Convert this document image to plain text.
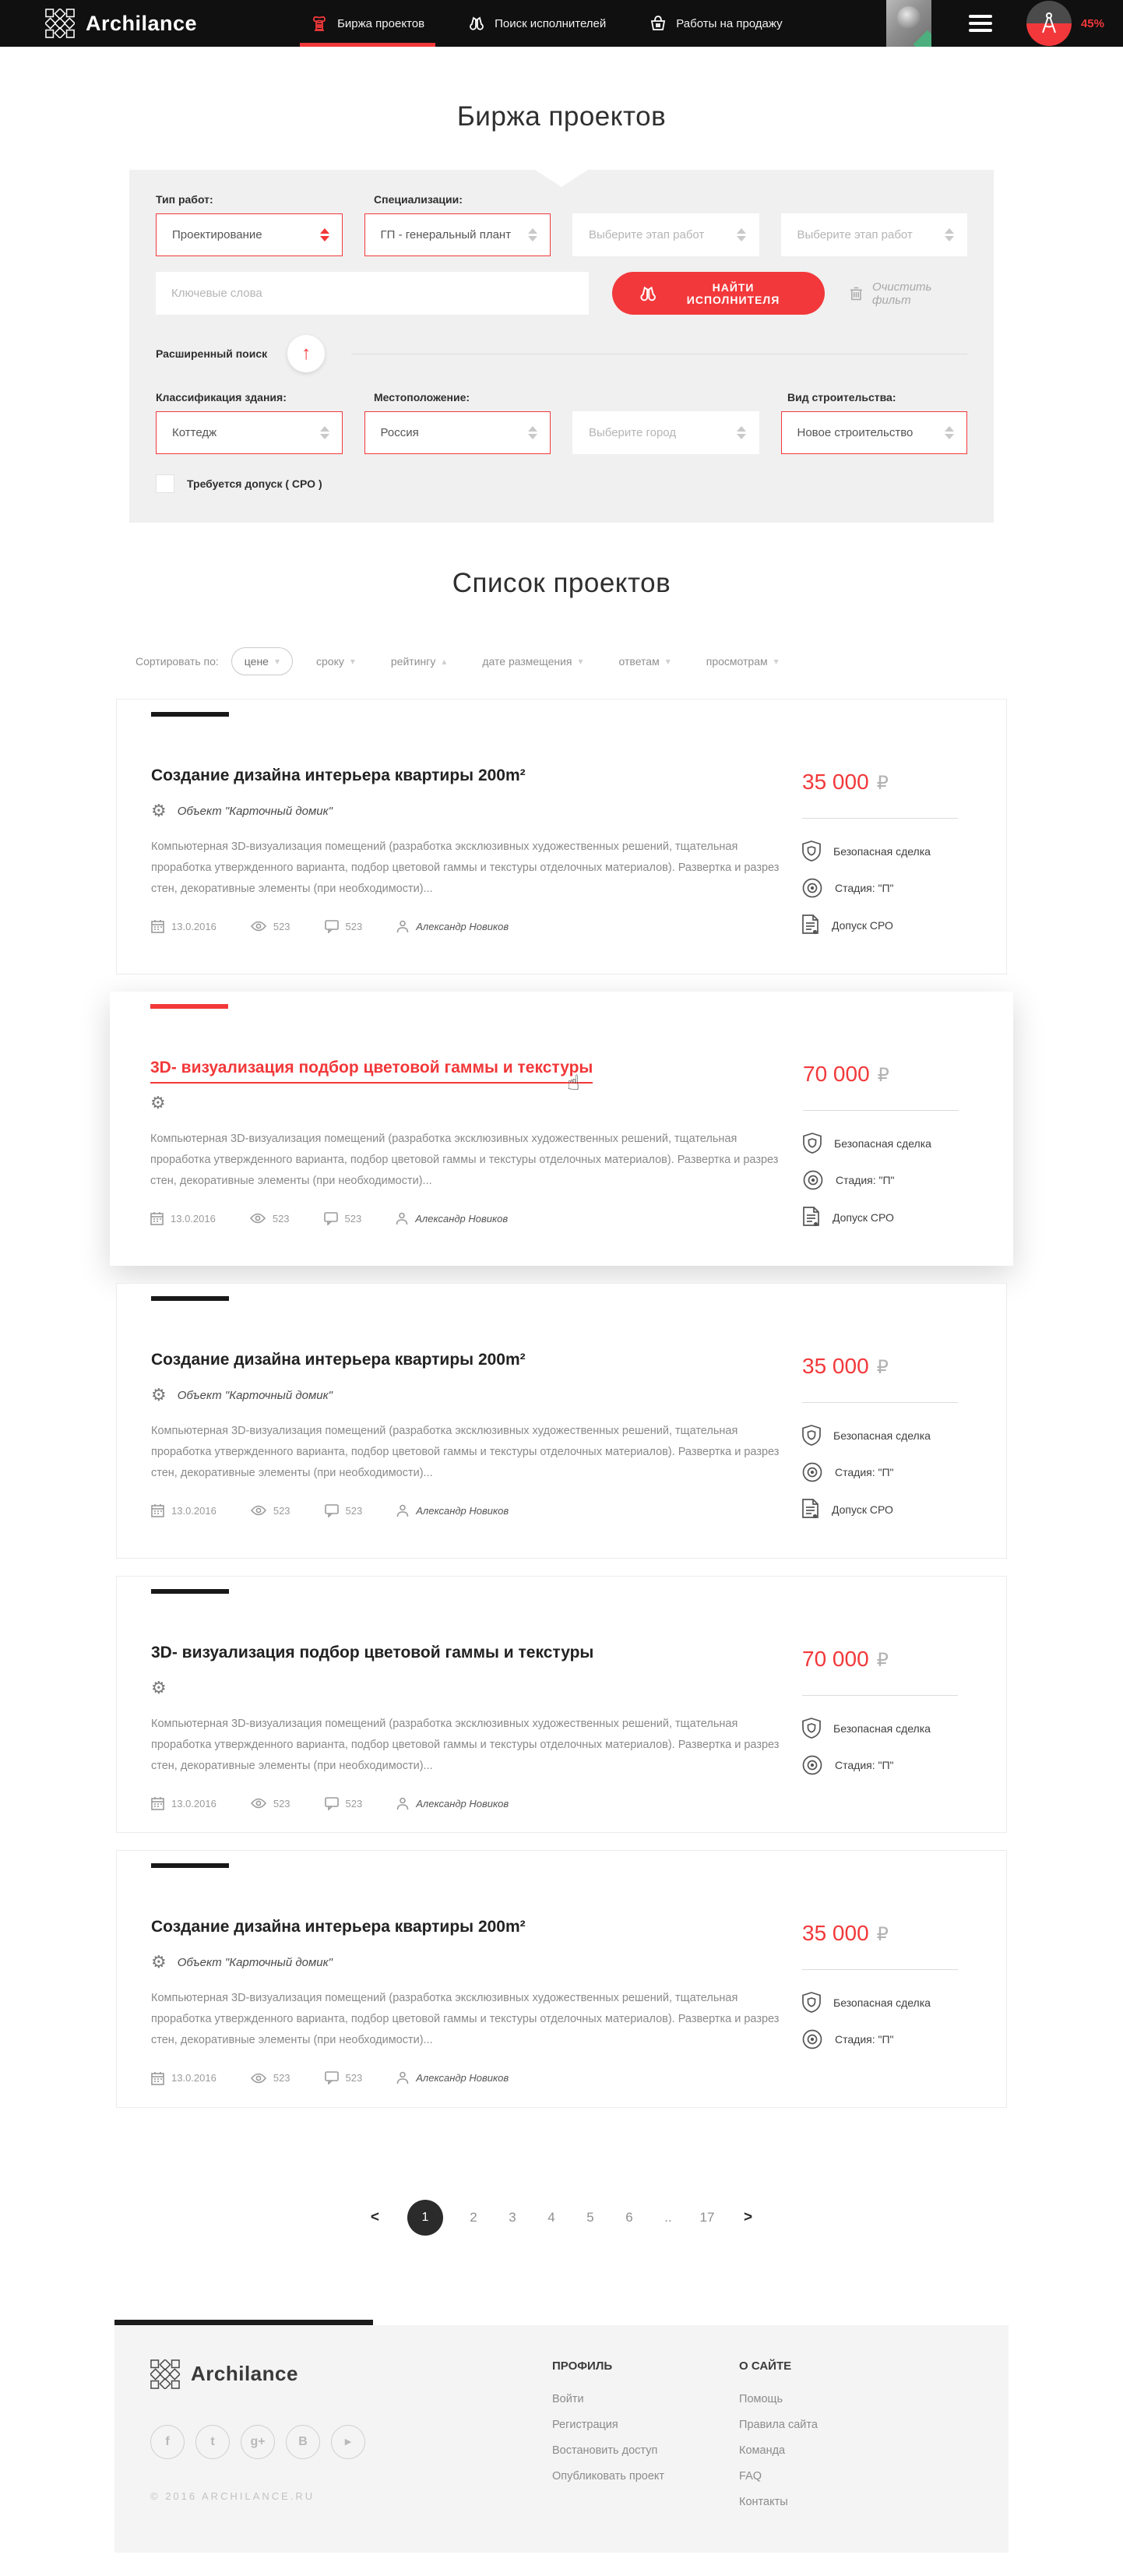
Archilance	Биржа проектов	Поиск исполнителей	Работы на продажу	45%
Биржа проектов
Тип работ:	Специализации:
Проектирование	ГП - генеральный плант	Выберите этап работ	Выберите этап работ
Ключевые слова
НАЙТИ ИСПОЛНИТЕЛЯ
Очистить фильт
Расширенный поиск	↑
Классификация здания:	Местоположение:	Вид строительства:
Коттедж	Россия	Выберите город	Новое строительство
Требуется допуск ( СРО )
Список проектов
Сортировать по: цене ▾	сроку ▾	рейтингу ▴	дате размещения ▾	ответам ▾	просмотрам ▾
Создание дизайна интерьера квартиры 200m²
⚙ Объект "Карточный домик"

Компьютерная 3D-визуализация помещений (разработка эксклюзивных художественных решений, тщательная проработка утвержденного варианта, подбор цветовой гаммы и текстуры отделочных материалов). Развертка и разрез стен, декоративные элементы (при необходимости)...

13.0.2016	523	523	Александр Новиков
35 000 ₽
Безопасная сделка
Стадия: "П"
Допуск СРО
3D- визуализация подбор цветовой гаммы и текстуры
☝
⚙

Компьютерная 3D-визуализация помещений (разработка эксклюзивных художественных решений, тщательная проработка утвержденного варианта, подбор цветовой гаммы и текстуры отделочных материалов). Развертка и разрез стен, декоративные элементы (при необходимости)...

13.0.2016	523	523	Александр Новиков
70 000 ₽
Безопасная сделка
Стадия: "П"
Допуск СРО
Создание дизайна интерьера квартиры 200m²
⚙ Объект "Карточный домик"

Компьютерная 3D-визуализация помещений (разработка эксклюзивных художественных решений, тщательная проработка утвержденного варианта, подбор цветовой гаммы и текстуры отделочных материалов). Развертка и разрез стен, декоративные элементы (при необходимости)...

13.0.2016	523	523	Александр Новиков
35 000 ₽
Безопасная сделка
Стадия: "П"
Допуск СРО
3D- визуализация подбор цветовой гаммы и текстуры
⚙

Компьютерная 3D-визуализация помещений (разработка эксклюзивных художественных решений, тщательная проработка утвержденного варианта, подбор цветовой гаммы и текстуры отделочных материалов). Развертка и разрез стен, декоративные элементы (при необходимости)...

13.0.2016	523	523	Александр Новиков
70 000 ₽
Безопасная сделка
Стадия: "П"
Создание дизайна интерьера квартиры 200m²
⚙ Объект "Карточный домик"

Компьютерная 3D-визуализация помещений (разработка эксклюзивных художественных решений, тщательная проработка утвержденного варианта, подбор цветовой гаммы и текстуры отделочных материалов). Развертка и разрез стен, декоративные элементы (при необходимости)...

13.0.2016	523	523	Александр Новиков
35 000 ₽
Безопасная сделка
Стадия: "П"
<	1	2	3	4	5	6	..	17	>
Archilance
f	t	g+	B	▶
© 2016 ARCHILANCE.RU
ПРОФИЛЬ
Войти
Регистрация
Востановить доступ
Опубликовать проект
О САЙТЕ
Помощь
Правила сайта
Команда
FAQ
Контакты
